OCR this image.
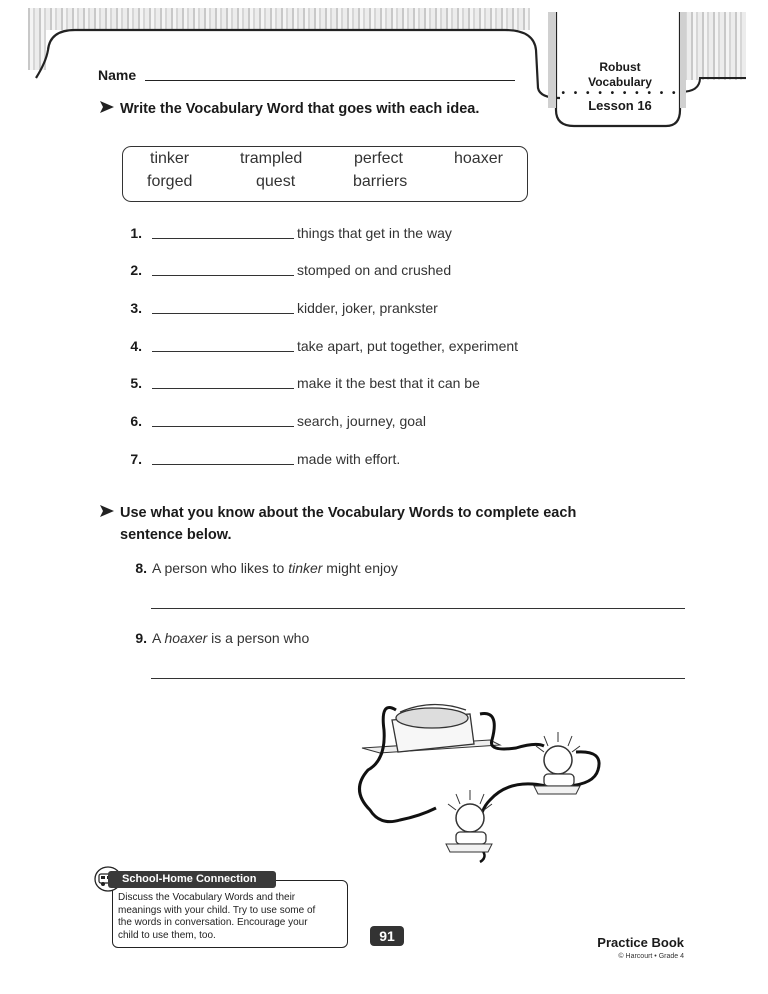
Robust
Vocabulary
• • • • • • • • • •
Lesson 16
Name
Write the Vocabulary Word that goes with each idea.
tinker	trampled	perfect	hoaxer
forged	quest	barriers
1.	things that get in the way
2.	stomped on and crushed
3.	kidder, joker, prankster
4.	take apart, put together, experiment
5.	make it the best that it can be
6.	search, journey, goal
7.	made with effort.
Use what you know about the Vocabulary Words to complete each
sentence below.
8. A person who likes to tinker might enjoy
9. A hoaxer is a person who
School-Home Connection
Discuss the Vocabulary Words and their
meanings with your child. Try to use some of
the words in conversation. Encourage your
child to use them, too.	91	Practice Book
© Harcourt • Grade 4
